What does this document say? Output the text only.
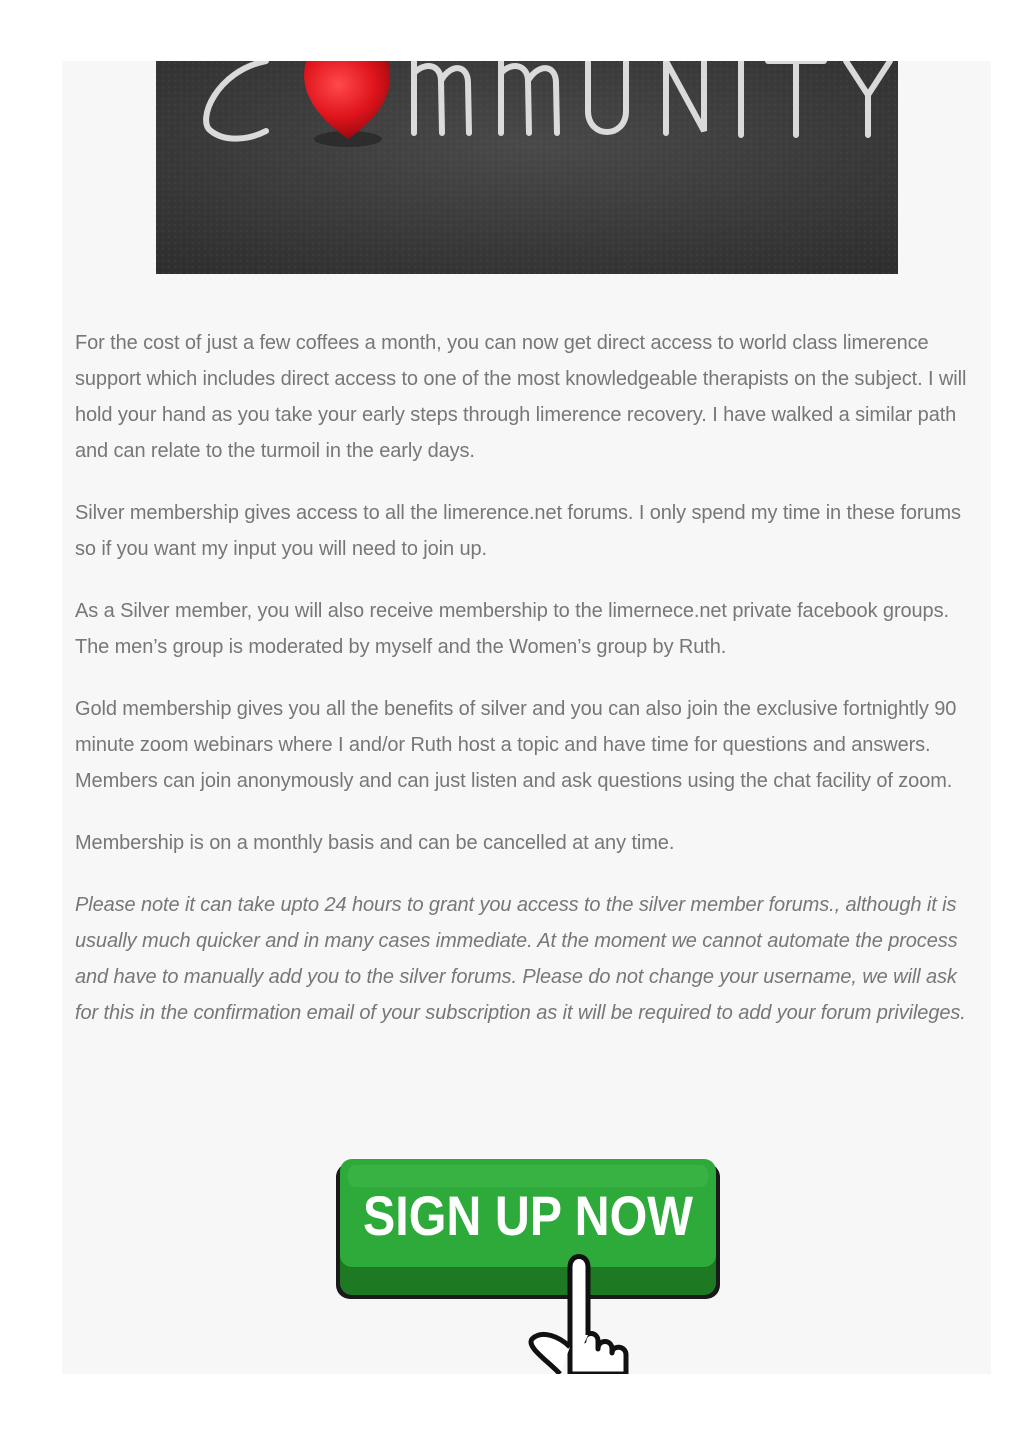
For the cost of just a few coffees a month, you can now get direct access to world class limerence support which includes direct access to one of the most knowledgeable therapists on the subject. I will hold your hand as you take your early steps through limerence recovery. I have walked a similar path and can relate to the turmoil in the early days.

Silver membership gives access to all the limerence.net forums. I only spend my time in these forums so if you want my input you will need to join up.

As a Silver member, you will also receive membership to the limernece.net private facebook groups. The men’s group is moderated by myself and the Women’s group by Ruth.

Gold membership gives you all the benefits of silver and you can also join the exclusive fortnightly 90 minute zoom webinars where I and/or Ruth host a topic and have time for questions and answers. Members can join anonymously and can just listen and ask questions using the chat facility of zoom.

Membership is on a monthly basis and can be cancelled at any time.

Please note it can take upto 24 hours to grant you access to the silver member forums., although it is usually much quicker and in many cases immediate. At the moment we cannot automate the process and have to manually add you to the silver forums. Please do not change your username, we will ask for this in the confirmation email of your subscription as it will be required to add your forum privileges.

SIGN UP NOW
